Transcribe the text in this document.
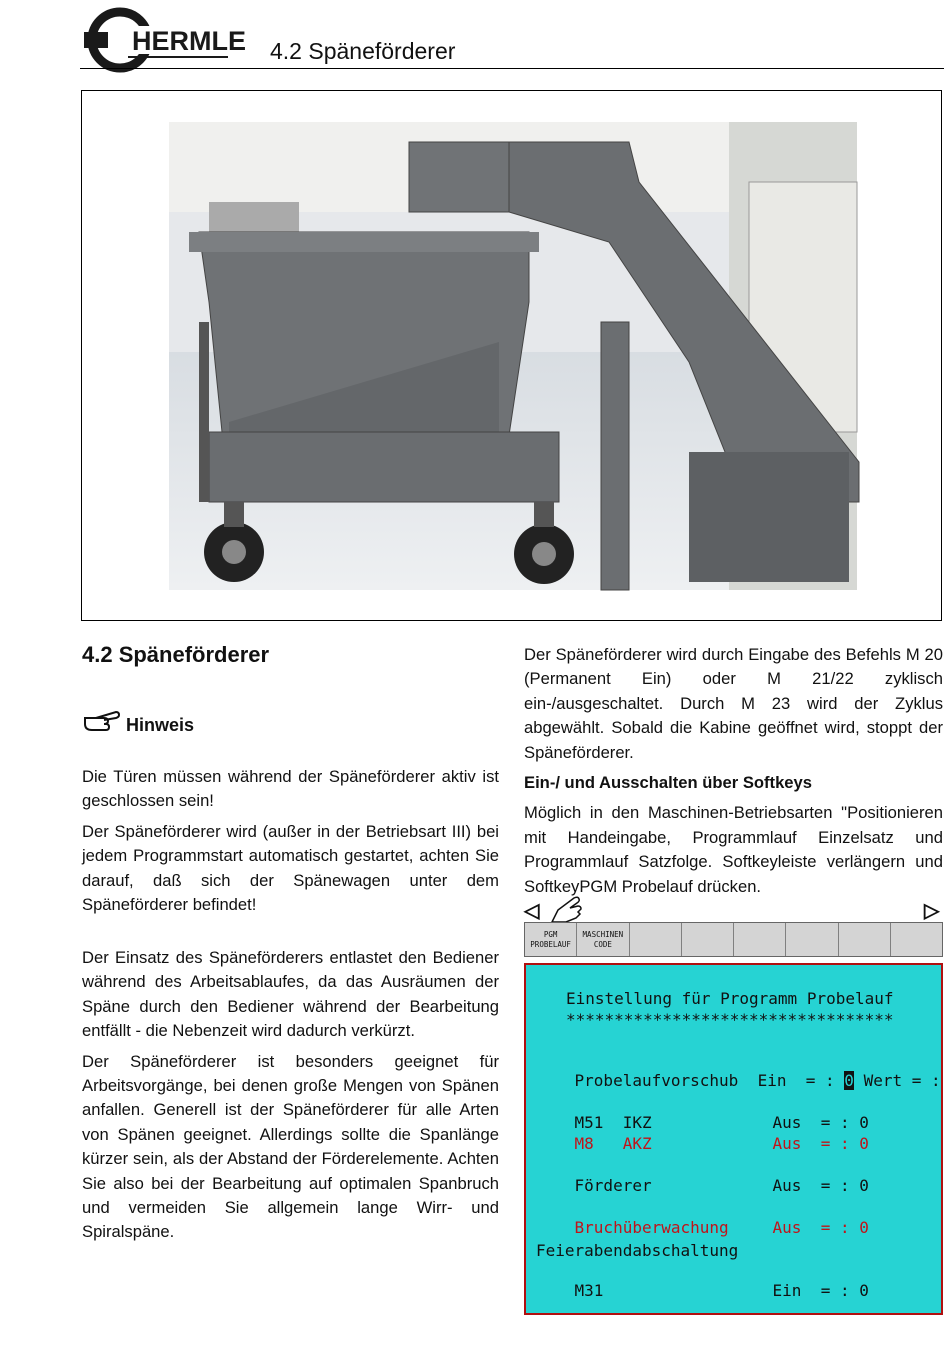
HERMLE 4.2 Späneförderer
4.2 Späneförderer
Hinweis

Die Türen müssen während der Späneförderer aktiv ist geschlossen sein!

Der Späneförderer wird (außer in der Betriebsart III) bei jedem Programmstart automatisch gestartet, achten Sie darauf, daß sich der Spänewagen unter dem Späneförderer befindet!

Der Einsatz des Späneförderers entlastet den Bediener während des Arbeitsablaufes, da das Ausräumen der Späne durch den Bediener während der Bearbeitung entfällt - die Nebenzeit wird dadurch verkürzt.

Der Späneförderer ist besonders geeignet für Arbeitsvorgänge, bei denen große Mengen von Spänen anfallen. Generell ist der Späneförderer für alle Arten von Spänen geeignet. Allerdings sollte die Spanlänge kürzer sein, als der Abstand der Förderelemente. Achten Sie also bei der Bearbeitung auf optimalen Spanbruch und vermeiden Sie allgemein lange Wirr- und Spiralspäne.

Der Späneförderer wird durch Eingabe des Befehls M 20 (Permanent Ein) oder M 21/22 zyklisch ein-/ausgeschaltet. Durch M 23 wird der Zyklus abgewählt. Sobald die Kabine geöffnet wird, stoppt der Späneförderer.

Ein-/ und Ausschalten über Softkeys

Möglich in den Maschinen-Betriebsarten "Positionieren mit Handeingabe, Programmlauf Einzelsatz und Programmlauf Satzfolge. Softkeyleiste verlängern und SoftkeyPGM Probelauf drücken.

◁	▷
PGM
PROBELAUF
MASCHINEN
CODE
Einstellung für Programm Probelauf
**********************************

Probelaufvorschub Ein = : 0 Wert = :

M51  IKZ	Aus = : 0

M8   AKZ	Aus = : 0

Förderer	Aus = : 0

Bruchüberwachung	Aus = : 0

Feierabendabschaltung

M31	Ein = : 0
